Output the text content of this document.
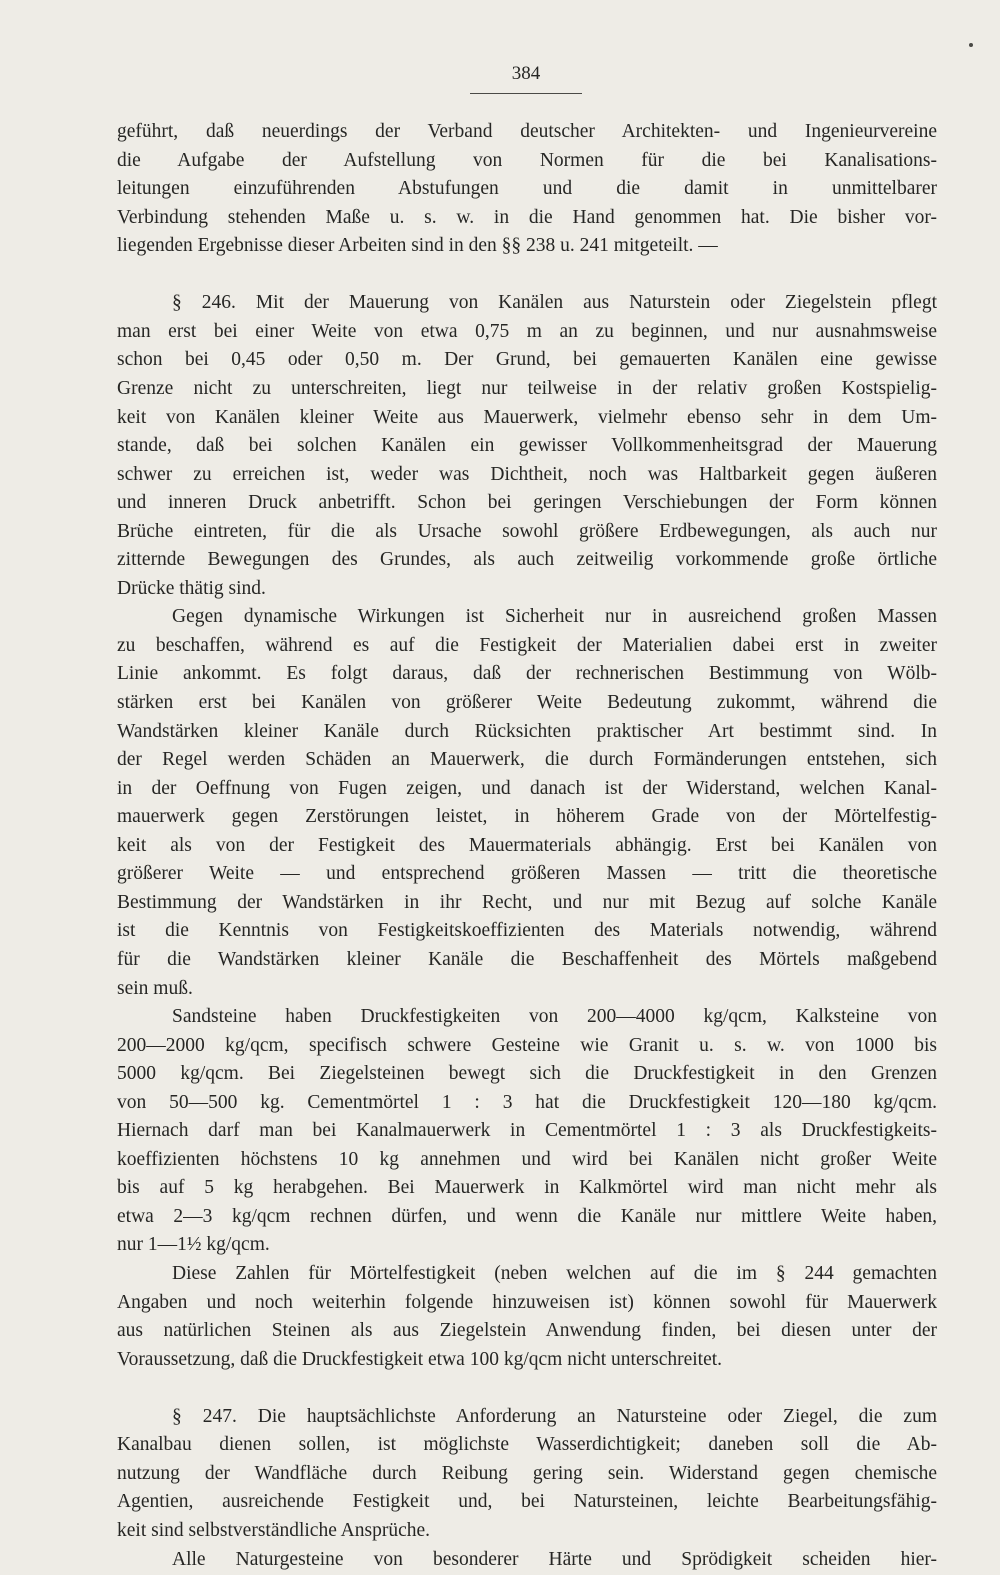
384
geführt, daß neuerdings der Verband deutscher Architekten- und Ingenieurvereine
die Aufgabe der Aufstellung von Normen für die bei Kanalisations-
leitungen einzuführenden Abstufungen und die damit in unmittelbarer
Verbindung stehenden Maße u. s. w. in die Hand genommen hat. Die bisher vor-
liegenden Ergebnisse dieser Arbeiten sind in den §§ 238 u. 241 mitgeteilt. —
§ 246. Mit der Mauerung von Kanälen aus Naturstein oder Ziegelstein pflegt
man erst bei einer Weite von etwa 0,75 m an zu beginnen, und nur ausnahmsweise
schon bei 0,45 oder 0,50 m. Der Grund, bei gemauerten Kanälen eine gewisse
Grenze nicht zu unterschreiten, liegt nur teilweise in der relativ großen Kostspielig-
keit von Kanälen kleiner Weite aus Mauerwerk, vielmehr ebenso sehr in dem Um-
stande, daß bei solchen Kanälen ein gewisser Vollkommenheitsgrad der Mauerung
schwer zu erreichen ist, weder was Dichtheit, noch was Haltbarkeit gegen äußeren
und inneren Druck anbetrifft. Schon bei geringen Verschiebungen der Form können
Brüche eintreten, für die als Ursache sowohl größere Erdbewegungen, als auch nur
zitternde Bewegungen des Grundes, als auch zeitweilig vorkommende große örtliche
Drücke thätig sind.
Gegen dynamische Wirkungen ist Sicherheit nur in ausreichend großen Massen
zu beschaffen, während es auf die Festigkeit der Materialien dabei erst in zweiter
Linie ankommt. Es folgt daraus, daß der rechnerischen Bestimmung von Wölb-
stärken erst bei Kanälen von größerer Weite Bedeutung zukommt, während die
Wandstärken kleiner Kanäle durch Rücksichten praktischer Art bestimmt sind. In
der Regel werden Schäden an Mauerwerk, die durch Formänderungen entstehen, sich
in der Oeffnung von Fugen zeigen, und danach ist der Widerstand, welchen Kanal-
mauerwerk gegen Zerstörungen leistet, in höherem Grade von der Mörtelfestig-
keit als von der Festigkeit des Mauermaterials abhängig. Erst bei Kanälen von
größerer Weite — und entsprechend größeren Massen — tritt die theoretische
Bestimmung der Wandstärken in ihr Recht, und nur mit Bezug auf solche Kanäle
ist die Kenntnis von Festigkeitskoeffizienten des Materials notwendig, während
für die Wandstärken kleiner Kanäle die Beschaffenheit des Mörtels maßgebend
sein muß.
Sandsteine haben Druckfestigkeiten von 200—4000 kg/qcm, Kalksteine von
200—2000 kg/qcm, specifisch schwere Gesteine wie Granit u. s. w. von 1000 bis
5000 kg/qcm. Bei Ziegelsteinen bewegt sich die Druckfestigkeit in den Grenzen
von 50—500 kg. Cementmörtel 1 : 3 hat die Druckfestigkeit 120—180 kg/qcm.
Hiernach darf man bei Kanalmauerwerk in Cementmörtel 1 : 3 als Druckfestigkeits-
koeffizienten höchstens 10 kg annehmen und wird bei Kanälen nicht großer Weite
bis auf 5 kg herabgehen. Bei Mauerwerk in Kalkmörtel wird man nicht mehr als
etwa 2—3 kg/qcm rechnen dürfen, und wenn die Kanäle nur mittlere Weite haben,
nur 1—1½ kg/qcm.
Diese Zahlen für Mörtelfestigkeit (neben welchen auf die im § 244 gemachten
Angaben und noch weiterhin folgende hinzuweisen ist) können sowohl für Mauerwerk
aus natürlichen Steinen als aus Ziegelstein Anwendung finden, bei diesen unter der
Voraussetzung, daß die Druckfestigkeit etwa 100 kg/qcm nicht unterschreitet.
§ 247. Die hauptsächlichste Anforderung an Natursteine oder Ziegel, die zum
Kanalbau dienen sollen, ist möglichste Wasserdichtigkeit; daneben soll die Ab-
nutzung der Wandfläche durch Reibung gering sein. Widerstand gegen chemische
Agentien, ausreichende Festigkeit und, bei Natursteinen, leichte Bearbeitungsfähig-
keit sind selbstverständliche Ansprüche.
Alle Naturgesteine von besonderer Härte und Sprödigkeit scheiden hier-
